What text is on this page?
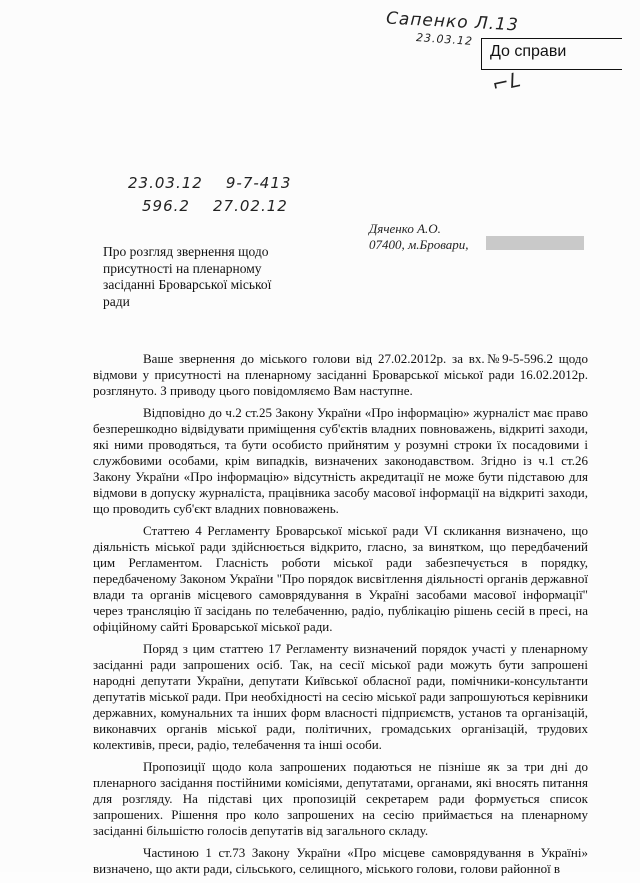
Сапенко Л.13
23.03.12
До справи
⌐Ꮮ
23.03.12    9-7-413
596.2    27.02.12
Дяченко А.О.
07400, м.Бровари,
Про розгляд звернення щодо присутності на пленарному засіданні Броварської міської ради

Ваше звернення до міського голови від 27.02.2012р. за вх.№9-5-596.2 щодо відмови у присутності на пленарному засіданні Броварської міської ради 16.02.2012р. розглянуто. З приводу цього повідомляємо Вам наступне.

Відповідно до ч.2 ст.25 Закону України «Про інформацію» журналіст має право безперешкодно відвідувати приміщення суб'єктів владних повноважень, відкриті заходи, які ними проводяться, та бути особисто прийнятим у розумні строки їх посадовими і службовими особами, крім випадків, визначених законодавством. Згідно із ч.1 ст.26 Закону України «Про інформацію» відсутність акредитації не може бути підставою для відмови в допуску журналіста, працівника засобу масової інформації на відкриті заходи, що проводить суб'єкт владних повноважень.

Статтею 4 Регламенту Броварської міської ради VI скликання визначено, що діяльність міської ради здійснюється відкрито, гласно, за винятком, що передбачений цим Регламентом. Гласність роботи міської ради забезпечується в порядку, передбаченому Законом України "Про порядок висвітлення діяльності органів державної влади та органів місцевого самоврядування в Україні засобами масової інформації" через трансляцію її засідань по телебаченню, радіо, публікацію рішень сесій в пресі, на офіційному сайті Броварської міської ради.

Поряд з цим статтею 17 Регламенту визначений порядок участі у пленарному засіданні ради запрошених осіб. Так, на сесії міської ради можуть бути запрошені народні депутати України, депутати Київської обласної ради, помічники-консультанти депутатів міської ради. При необхідності на сесію міської ради запрошуються керівники державних, комунальних та інших форм власності підприємств, установ та організацій, виконавчих органів міської ради, політичних, громадських організацій, трудових колективів, преси, радіо, телебачення та інші особи.

Пропозиції щодо кола запрошених подаються не пізніше як за три дні до пленарного засідання постійними комісіями, депутатами, органами, які вносять питання для розгляду. На підставі цих пропозицій секретарем ради формується список запрошених. Рішення про коло запрошених на сесію приймається на пленарному засіданні більшістю голосів депутатів від загального складу.

Частиною 1 ст.73 Закону України «Про місцеве самоврядування в Україні» визначено, що акти ради, сільського, селищного, міського голови, голови районної в
